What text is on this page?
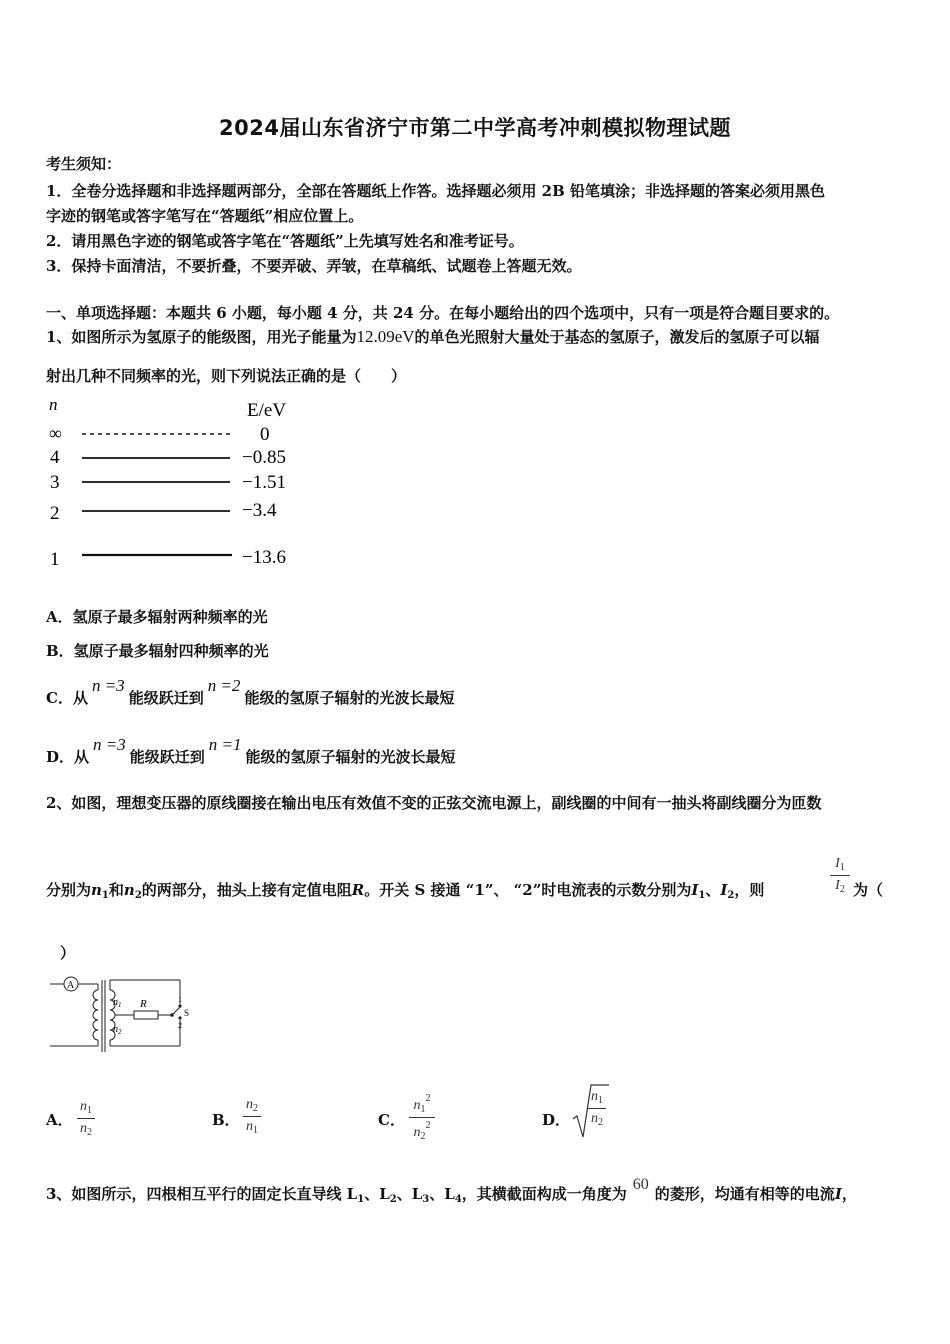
2024届山东省济宁市第二中学高考冲刺模拟物理试题
考生须知：
1．全卷分选择题和非选择题两部分，全部在答题纸上作答。选择题必须用 2B 铅笔填涂；非选择题的答案必须用黑色
字迹的钢笔或答字笔写在“答题纸”相应位置上。
2．请用黑色字迹的钢笔或答字笔在“答题纸”上先填写姓名和准考证号。
3．保持卡面清洁，不要折叠，不要弄破、弄皱，在草稿纸、试题卷上答题无效。
一、单项选择题：本题共 6 小题，每小题 4 分，共 24 分。在每小题给出的四个选项中，只有一项是符合题目要求的。
1、如图所示为氢原子的能级图，用光子能量为12.09eV的单色光照射大量处于基态的氢原子，激发后的氢原子可以辐
射出几种不同频率的光，则下列说法正确的是（　　）
n	E/eV
∞	0
4	−0.85
3	−1.51
2	−3.4
1	−13.6
A．氢原子最多辐射两种频率的光
B．氢原子最多辐射四种频率的光
C．从n =3能级跃迁到n =2能级的氢原子辐射的光波长最短
D．从n =3能级跃迁到n =1能级的氢原子辐射的光波长最短
2、如图，理想变压器的原线圈接在输出电压有效值不变的正弦交流电源上，副线圈的中间有一抽头将副线圈分为匝数
分别为$n_1$和$n_2$的两部分，抽头上接有定值电阻R。开关 S 接通 “1”、 “2”时电流表的示数分别为$I_1$、$I_2$，则
$I_1$
$I_2$ 为（
）
A
$n_1$
$n_2$
R
S
1
2
A．
$n_1$
$n_2$
B．
$n_2$
$n_1$
C．
$n_1^2$
$n_2^2$	D．
$n_1$
$n_2$
3、如图所示，四根相互平行的固定长直导线 $L_1$、$L_2$、$L_3$、$L_4$，其横截面构成一角度为60的菱形，均通有相等的电流I，
